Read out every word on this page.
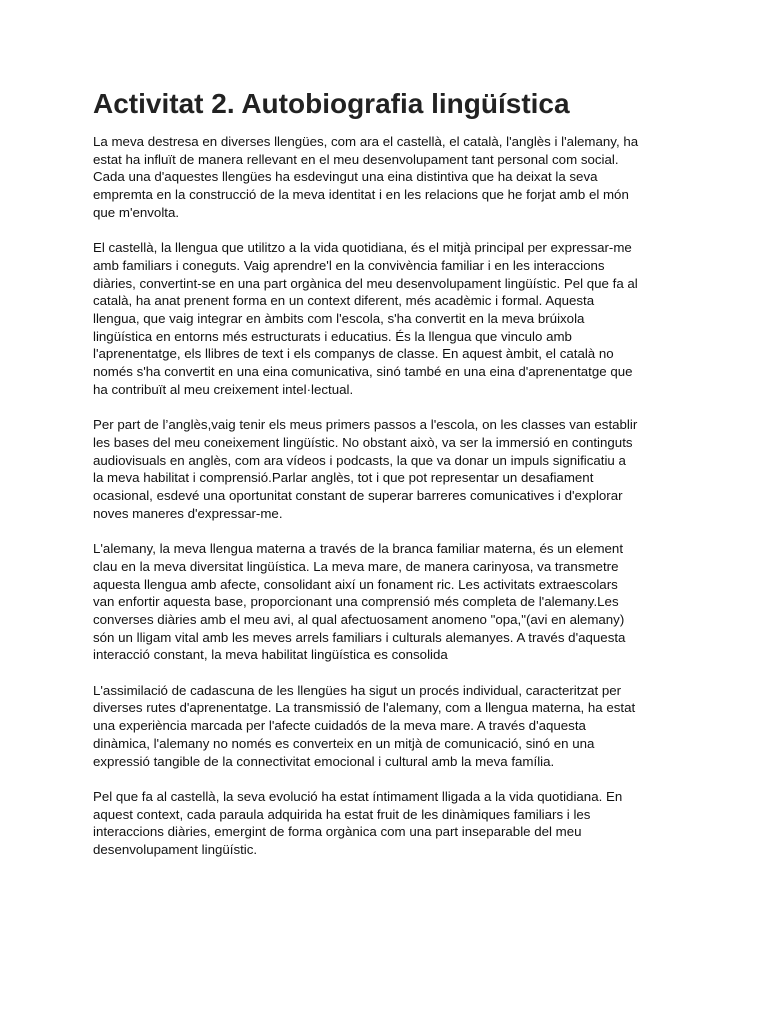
Activitat 2. Autobiografia lingüística

La meva destresa en diverses llengües, com ara el castellà, el català, l'anglès i l'alemany, ha
estat ha influït de manera rellevant en el meu desenvolupament tant personal com social.
Cada una d'aquestes llengües ha esdevingut una eina distintiva que ha deixat la seva
empremta en la construcció de la meva identitat i en les relacions que he forjat amb el món
que m'envolta.

El castellà, la llengua que utilitzo a la vida quotidiana, és el mitjà principal per expressar-me
amb familiars i coneguts. Vaig aprendre'l en la convivència familiar i en les interaccions
diàries, convertint-se en una part orgànica del meu desenvolupament lingüístic. Pel que fa al
català, ha anat prenent forma en un context diferent, més acadèmic i formal. Aquesta
llengua, que vaig integrar en àmbits com l'escola, s'ha convertit en la meva brúixola
lingüística en entorns més estructurats i educatius. És la llengua que vinculo amb
l'aprenentatge, els llibres de text i els companys de classe. En aquest àmbit, el català no
només s'ha convertit en una eina comunicativa, sinó també en una eina d'aprenentatge que
ha contribuït al meu creixement intel·lectual.

Per part de l’anglès,vaig tenir els meus primers passos a l'escola, on les classes van establir
les bases del meu coneixement lingüístic. No obstant això, va ser la immersió en continguts
audiovisuals en anglès, com ara vídeos i podcasts, la que va donar un impuls significatiu a
la meva habilitat i comprensió.Parlar anglès, tot i que pot representar un desafiament
ocasional, esdevé una oportunitat constant de superar barreres comunicatives i d'explorar
noves maneres d'expressar-me.

L'alemany, la meva llengua materna a través de la branca familiar materna, és un element
clau en la meva diversitat lingüística. La meva mare, de manera carinyosa, va transmetre
aquesta llengua amb afecte, consolidant així un fonament ric. Les activitats extraescolars
van enfortir aquesta base, proporcionant una comprensió més completa de l'alemany.Les
converses diàries amb el meu avi, al qual afectuosament anomeno "opa,"(avi en alemany)
són un lligam vital amb les meves arrels familiars i culturals alemanyes. A través d'aquesta
interacció constant, la meva habilitat lingüística es consolida

L'assimilació de cadascuna de les llengües ha sigut un procés individual, caracteritzat per
diverses rutes d'aprenentatge. La transmissió de l'alemany, com a llengua materna, ha estat
una experiència marcada per l'afecte cuidadós de la meva mare. A través d'aquesta
dinàmica, l'alemany no només es converteix en un mitjà de comunicació, sinó en una
expressió tangible de la connectivitat emocional i cultural amb la meva família.

Pel que fa al castellà, la seva evolució ha estat íntimament lligada a la vida quotidiana. En
aquest context, cada paraula adquirida ha estat fruit de les dinàmiques familiars i les
interaccions diàries, emergint de forma orgànica com una part inseparable del meu
desenvolupament lingüístic.
